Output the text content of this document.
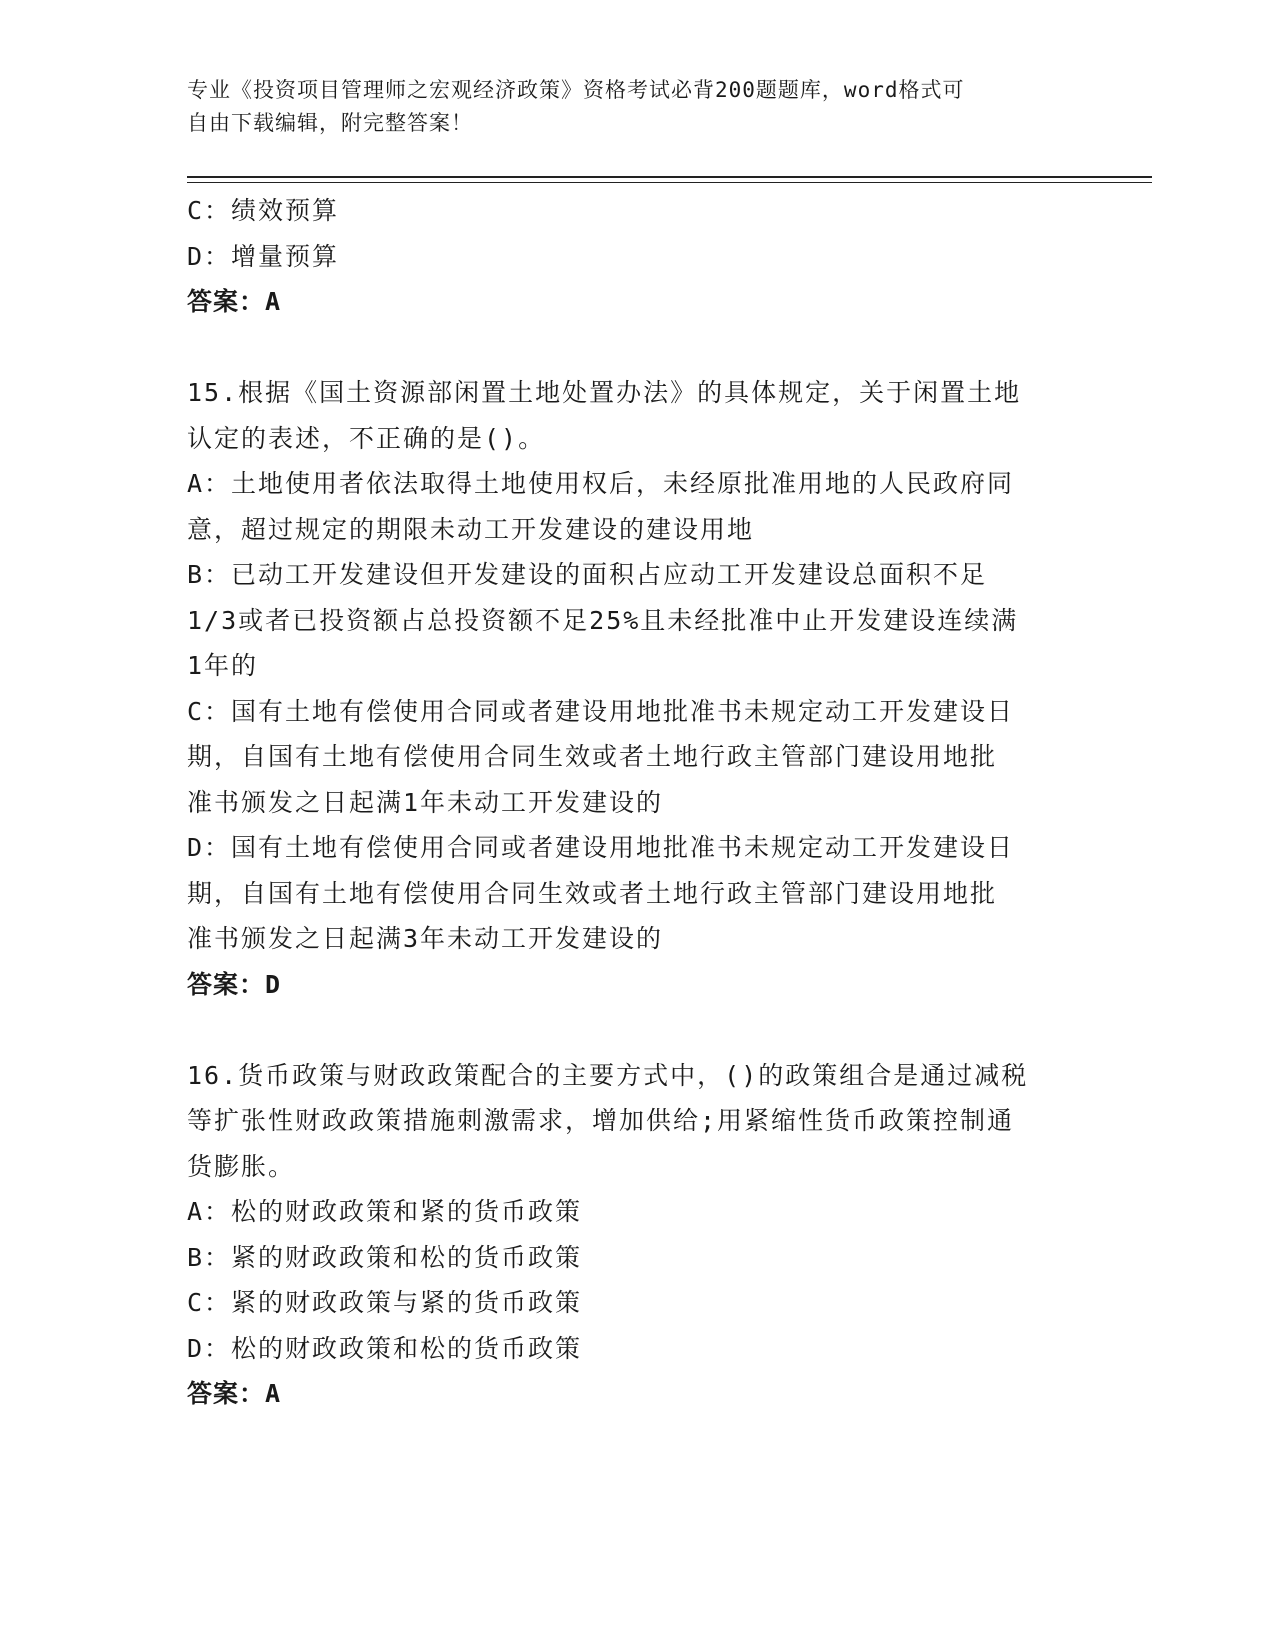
专业《投资项目管理师之宏观经济政策》资格考试必背200题题库，word格式可
自由下载编辑，附完整答案！
C：绩效预算
D：增量预算
答案：A
15.根据《国土资源部闲置土地处置办法》的具体规定，关于闲置土地
认定的表述，不正确的是()。
A：土地使用者依法取得土地使用权后，未经原批准用地的人民政府同
意，超过规定的期限未动工开发建设的建设用地
B：已动工开发建设但开发建设的面积占应动工开发建设总面积不足
1/3或者已投资额占总投资额不足25%且未经批准中止开发建设连续满
1年的
C：国有土地有偿使用合同或者建设用地批准书未规定动工开发建设日
期，自国有土地有偿使用合同生效或者土地行政主管部门建设用地批
准书颁发之日起满1年未动工开发建设的
D：国有土地有偿使用合同或者建设用地批准书未规定动工开发建设日
期，自国有土地有偿使用合同生效或者土地行政主管部门建设用地批
准书颁发之日起满3年未动工开发建设的
答案：D
16.货币政策与财政政策配合的主要方式中，()的政策组合是通过减税
等扩张性财政政策措施刺激需求，增加供给;用紧缩性货币政策控制通
货膨胀。
A：松的财政政策和紧的货币政策
B：紧的财政政策和松的货币政策
C：紧的财政政策与紧的货币政策
D：松的财政政策和松的货币政策
答案：A
